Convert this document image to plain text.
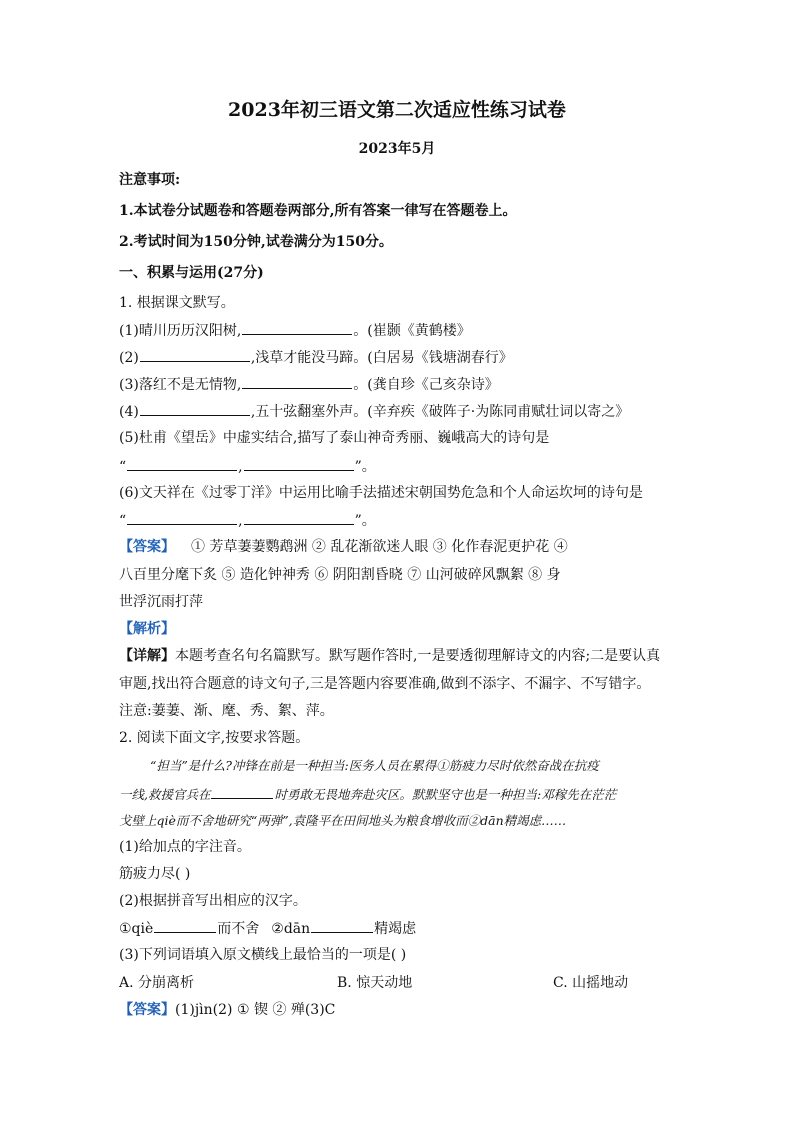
2023年初三语文第二次适应性练习试卷
2023年5月
注意事项:
1.本试卷分试题卷和答题卷两部分,所有答案一律写在答题卷上。
2.考试时间为150分钟,试卷满分为150分。
一、积累与运用(27分)
1. 根据课文默写。
(1)晴川历历汉阳树,	。(崔颢《黄鹤楼》
(2)	,浅草才能没马蹄。(白居易《钱塘湖春行》
(3)落红不是无情物,	。(龚自珍《己亥杂诗》
(4)	,五十弦翻塞外声。(辛弃疾《破阵子·为陈同甫赋壮词以寄之》
(5)杜甫《望岳》中虚实结合,描写了泰山神奇秀丽、巍峨高大的诗句是
“	,	”。
(6)文天祥在《过零丁洋》中运用比喻手法描述宋朝国势危急和个人命运坎坷的诗句是
“	,	”。
【答案】 ① 芳草萋萋鹦鹉洲 ② 乱花渐欲迷人眼 ③ 化作春泥更护花 ④
八百里分麾下炙 ⑤ 造化钟神秀 ⑥ 阴阳割昏晓 ⑦ 山河破碎风飘絮 ⑧ 身
世浮沉雨打萍
【解析】
【详解】本题考查名句名篇默写。默写题作答时,一是要透彻理解诗文的内容;二是要认真
审题,找出符合题意的诗文句子,三是答题内容要准确,做到不添字、不漏字、不写错字。
注意:萋萋、渐、麾、秀、絮、萍。
2. 阅读下面文字,按要求答题。
“担当”是什么?冲锋在前是一种担当:医务人员在累得①筋疲力尽时依然奋战在抗疫
一线,救援官兵在	时勇敢无畏地奔赴灾区。默默坚守也是一种担当:邓稼先在茫茫
戈壁上qiè而不舍地研究“两弹”,袁隆平在田间地头为粮食增收而②dān精竭虑……
(1)给加点的字注音。
筋疲力尽( )
(2)根据拼音写出相应的汉字。
①qiè	而不舍 ②dān	精竭虑
(3)下列词语填入原文横线上最恰当的一项是( )
A. 分崩离析	B. 惊天动地	C. 山摇地动
【答案】(1)jìn(2) ① 锲 ② 殚(3)C
